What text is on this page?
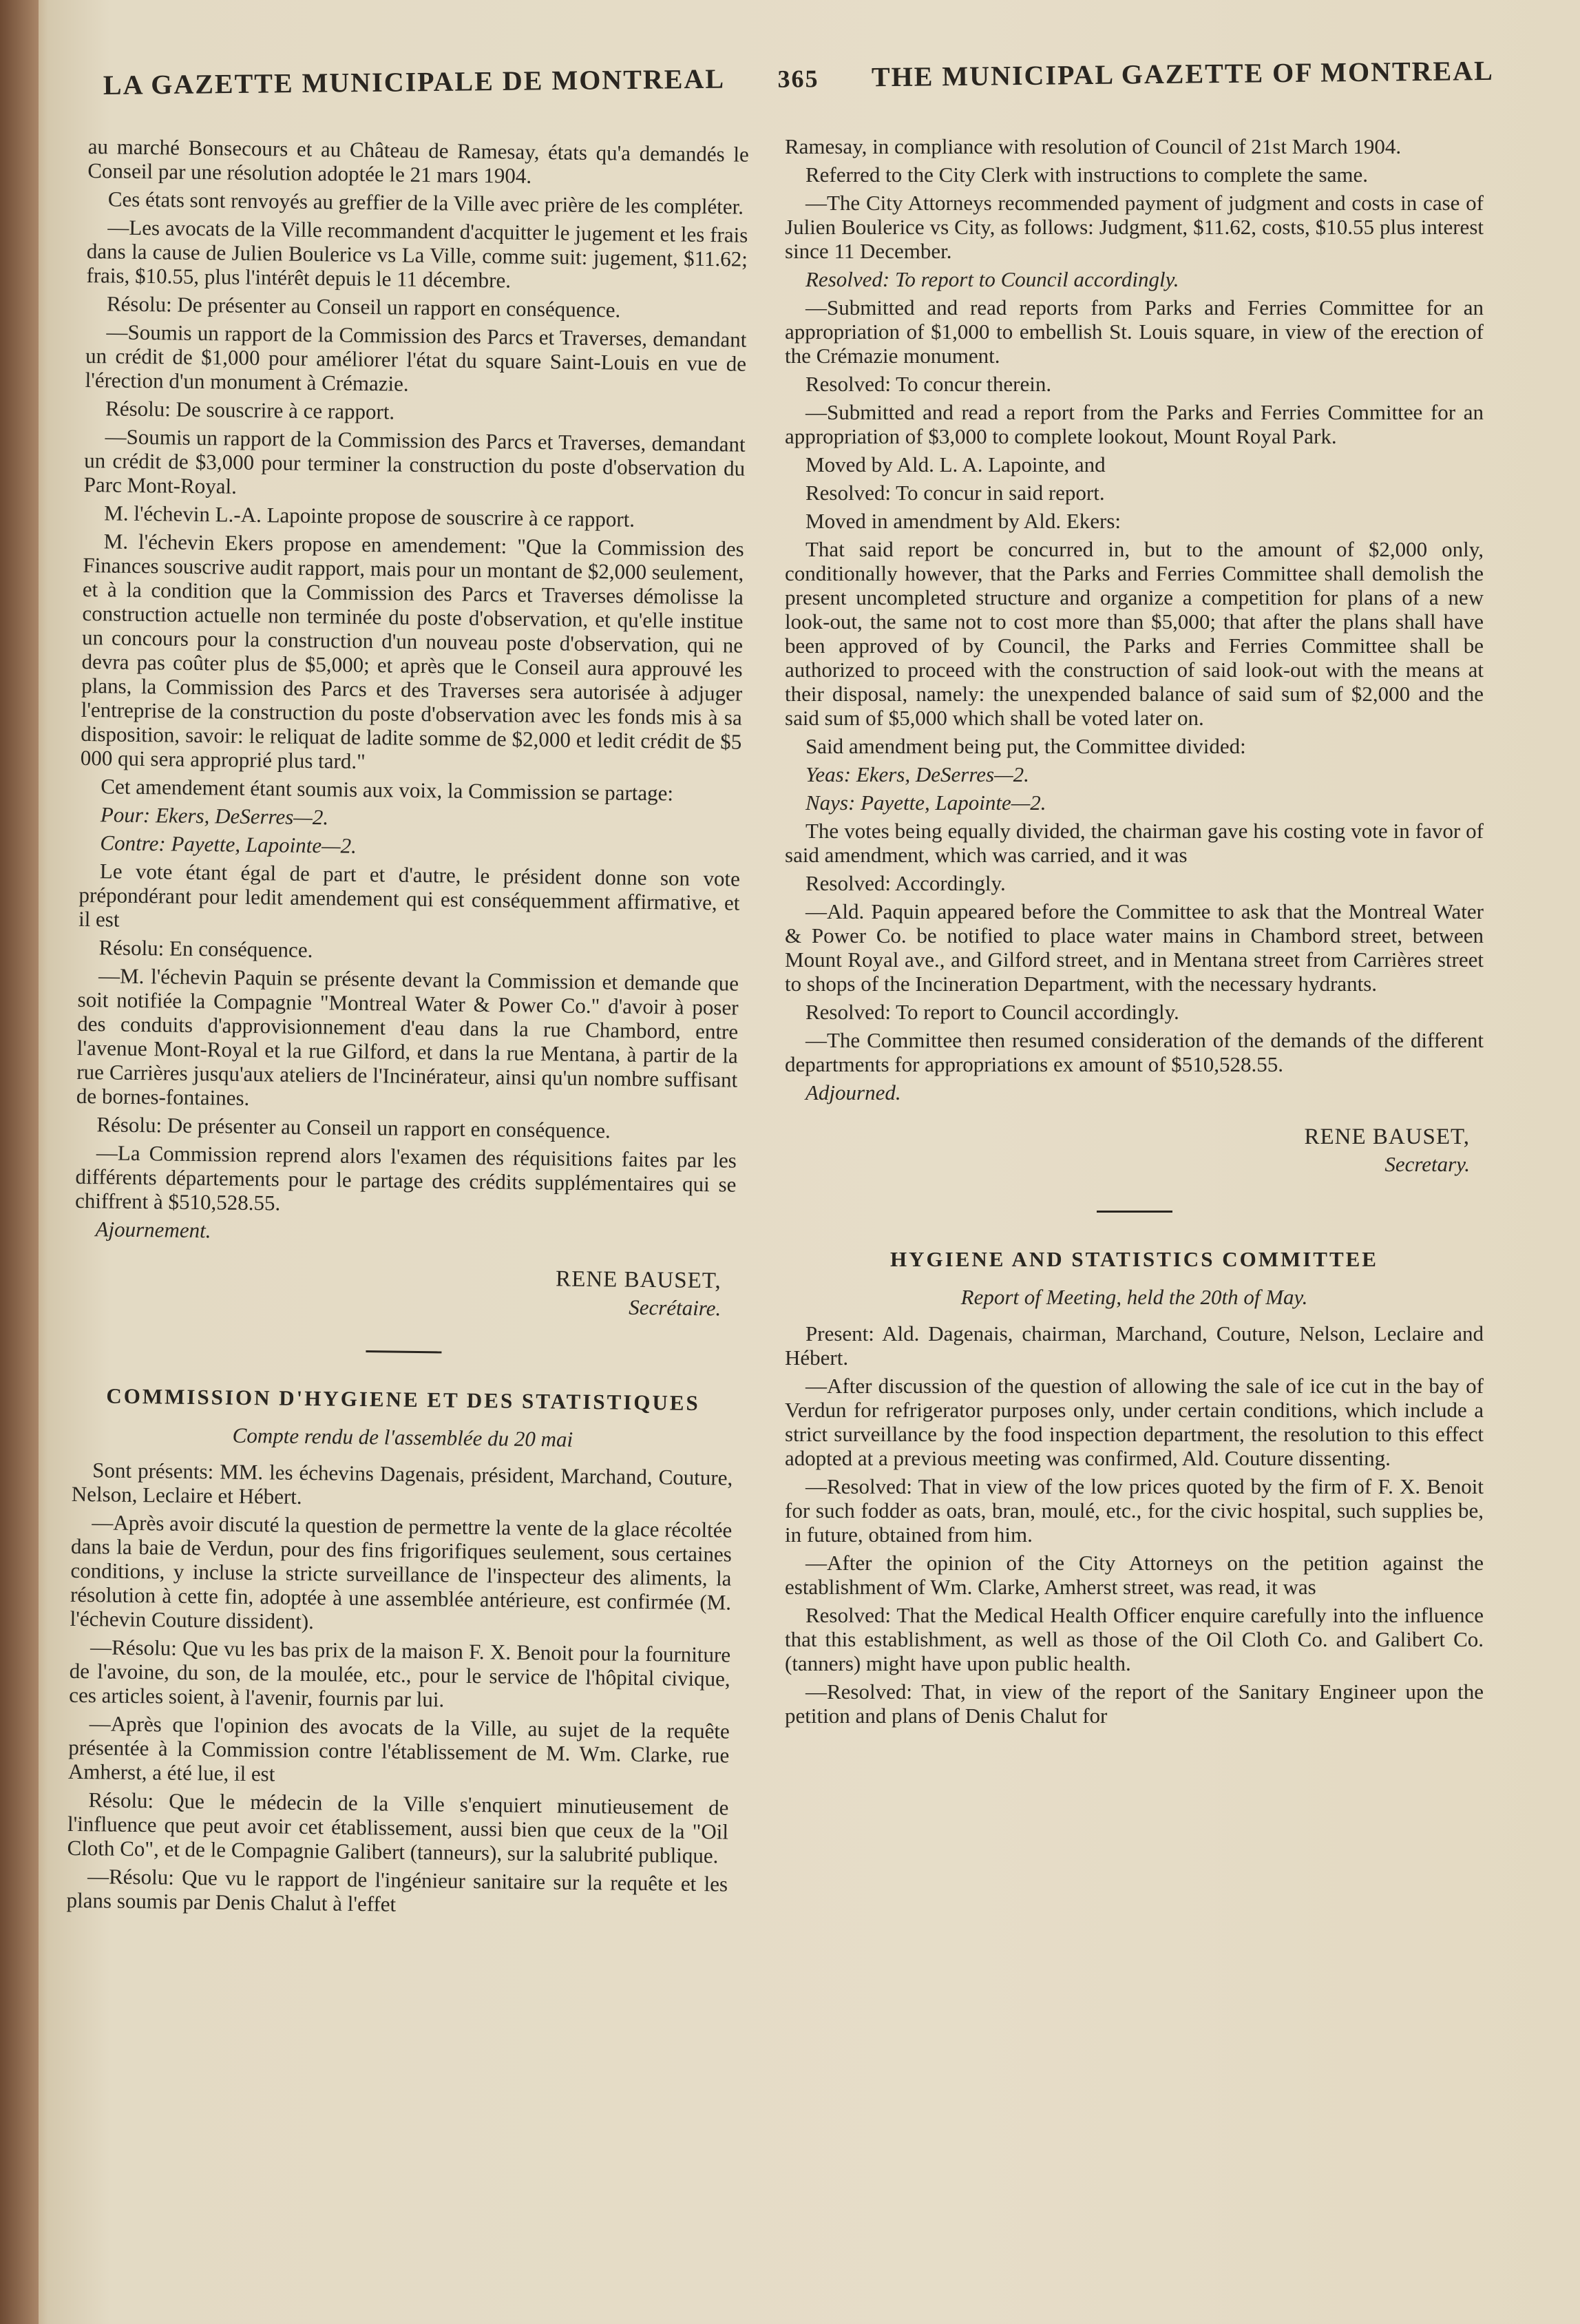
LA GAZETTE MUNICIPALE DE MONTREAL 365 THE MUNICIPAL GAZETTE OF MONTREAL

au marché Bonsecours et au Château de Ramesay, états qu'a demandés le Conseil par une résolution adoptée le 21 mars 1904.

Ces états sont renvoyés au greffier de la Ville avec prière de les compléter.

—Les avocats de la Ville recommandent d'acquitter le jugement et les frais dans la cause de Julien Boulerice vs La Ville, comme suit: jugement, $11.62; frais, $10.55, plus l'intérêt depuis le 11 décembre.

Résolu: De présenter au Conseil un rapport en conséquence.

—Soumis un rapport de la Commission des Parcs et Traverses, demandant un crédit de $1,000 pour améliorer l'état du square Saint-Louis en vue de l'érection d'un monument à Crémazie.

Résolu: De souscrire à ce rapport.

—Soumis un rapport de la Commission des Parcs et Traverses, demandant un crédit de $3,000 pour terminer la construction du poste d'observation du Parc Mont-Royal.

M. l'échevin L.-A. Lapointe propose de souscrire à ce rapport.

M. l'échevin Ekers propose en amendement: "Que la Commission des Finances souscrive audit rapport, mais pour un montant de $2,000 seulement, et à la condition que la Commission des Parcs et Traverses démolisse la construction actuelle non terminée du poste d'observation, et qu'elle institue un concours pour la construction d'un nouveau poste d'observation, qui ne devra pas coûter plus de $5,000; et après que le Conseil aura approuvé les plans, la Commission des Parcs et des Traverses sera autorisée à adjuger l'entreprise de la construction du poste d'observation avec les fonds mis à sa disposition, savoir: le reliquat de ladite somme de $2,000 et ledit crédit de $5 000 qui sera approprié plus tard."

Cet amendement étant soumis aux voix, la Commission se partage:

Pour: Ekers, DeSerres—2.

Contre: Payette, Lapointe—2.

Le vote étant égal de part et d'autre, le président donne son vote prépondérant pour ledit amendement qui est conséquemment affirmative, et il est

Résolu: En conséquence.

—M. l'échevin Paquin se présente devant la Commission et demande que soit notifiée la Compagnie "Montreal Water & Power Co." d'avoir à poser des conduits d'approvisionnement d'eau dans la rue Chambord, entre l'avenue Mont-Royal et la rue Gilford, et dans la rue Mentana, à partir de la rue Carrières jusqu'aux ateliers de l'Incinérateur, ainsi qu'un nombre suffisant de bornes-fontaines.

Résolu: De présenter au Conseil un rapport en conséquence.

—La Commission reprend alors l'examen des réquisitions faites par les différents départements pour le partage des crédits supplémentaires qui se chiffrent à $510,528.55.

Ajournement.

RENE BAUSET,
Secrétaire.
COMMISSION D'HYGIENE ET DES STATISTIQUES
Compte rendu de l'assemblée du 20 mai

Sont présents: MM. les échevins Dagenais, président, Marchand, Couture, Nelson, Leclaire et Hébert.

—Après avoir discuté la question de permettre la vente de la glace récoltée dans la baie de Verdun, pour des fins frigorifiques seulement, sous certaines conditions, y incluse la stricte surveillance de l'inspecteur des aliments, la résolution à cette fin, adoptée à une assemblée antérieure, est confirmée (M. l'échevin Couture dissident).

—Résolu: Que vu les bas prix de la maison F. X. Benoit pour la fourniture de l'avoine, du son, de la moulée, etc., pour le service de l'hôpital civique, ces articles soient, à l'avenir, fournis par lui.

—Après que l'opinion des avocats de la Ville, au sujet de la requête présentée à la Commission contre l'établissement de M. Wm. Clarke, rue Amherst, a été lue, il est

Résolu: Que le médecin de la Ville s'enquiert minutieusement de l'influence que peut avoir cet établissement, aussi bien que ceux de la "Oil Cloth Co", et de le Compagnie Galibert (tanneurs), sur la salubrité publique.

—Résolu: Que vu le rapport de l'ingénieur sanitaire sur la requête et les plans soumis par Denis Chalut à l'effet

Ramesay, in compliance with resolution of Council of 21st March 1904.

Referred to the City Clerk with instructions to complete the same.

—The City Attorneys recommended payment of judgment and costs in case of Julien Boulerice vs City, as follows: Judgment, $11.62, costs, $10.55 plus interest since 11 December.

Resolved: To report to Council accordingly.

—Submitted and read reports from Parks and Ferries Committee for an appropriation of $1,000 to embellish St. Louis square, in view of the erection of the Crémazie monument.

Resolved: To concur therein.

—Submitted and read a report from the Parks and Ferries Committee for an appropriation of $3,000 to complete lookout, Mount Royal Park.

Moved by Ald. L. A. Lapointe, and

Resolved: To concur in said report.

Moved in amendment by Ald. Ekers:

That said report be concurred in, but to the amount of $2,000 only, conditionally however, that the Parks and Ferries Committee shall demolish the present uncompleted structure and organize a competition for plans of a new look-out, the same not to cost more than $5,000; that after the plans shall have been approved of by Council, the Parks and Ferries Committee shall be authorized to proceed with the construction of said look-out with the means at their disposal, namely: the unexpended balance of said sum of $2,000 and the said sum of $5,000 which shall be voted later on.

Said amendment being put, the Committee divided:

Yeas: Ekers, DeSerres—2.

Nays: Payette, Lapointe—2.

The votes being equally divided, the chairman gave his costing vote in favor of said amendment, which was carried, and it was

Resolved: Accordingly.

—Ald. Paquin appeared before the Committee to ask that the Montreal Water & Power Co. be notified to place water mains in Chambord street, between Mount Royal ave., and Gilford street, and in Mentana street from Carrières street to shops of the Incineration Department, with the necessary hydrants.

Resolved: To report to Council accordingly.

—The Committee then resumed consideration of the demands of the different departments for appropriations ex amount of $510,528.55.

Adjourned.

RENE BAUSET,
Secretary.
HYGIENE AND STATISTICS COMMITTEE
Report of Meeting, held the 20th of May.

Present: Ald. Dagenais, chairman, Marchand, Couture, Nelson, Leclaire and Hébert.

—After discussion of the question of allowing the sale of ice cut in the bay of Verdun for refrigerator purposes only, under certain conditions, which include a strict surveillance by the food inspection department, the resolution to this effect adopted at a previous meeting was confirmed, Ald. Couture dissenting.

—Resolved: That in view of the low prices quoted by the firm of F. X. Benoit for such fodder as oats, bran, moulé, etc., for the civic hospital, such supplies be, in future, obtained from him.

—After the opinion of the City Attorneys on the petition against the establishment of Wm. Clarke, Amherst street, was read, it was

Resolved: That the Medical Health Officer enquire carefully into the influence that this establishment, as well as those of the Oil Cloth Co. and Galibert Co. (tanners) might have upon public health.

—Resolved: That, in view of the report of the Sanitary Engineer upon the petition and plans of Denis Chalut for
